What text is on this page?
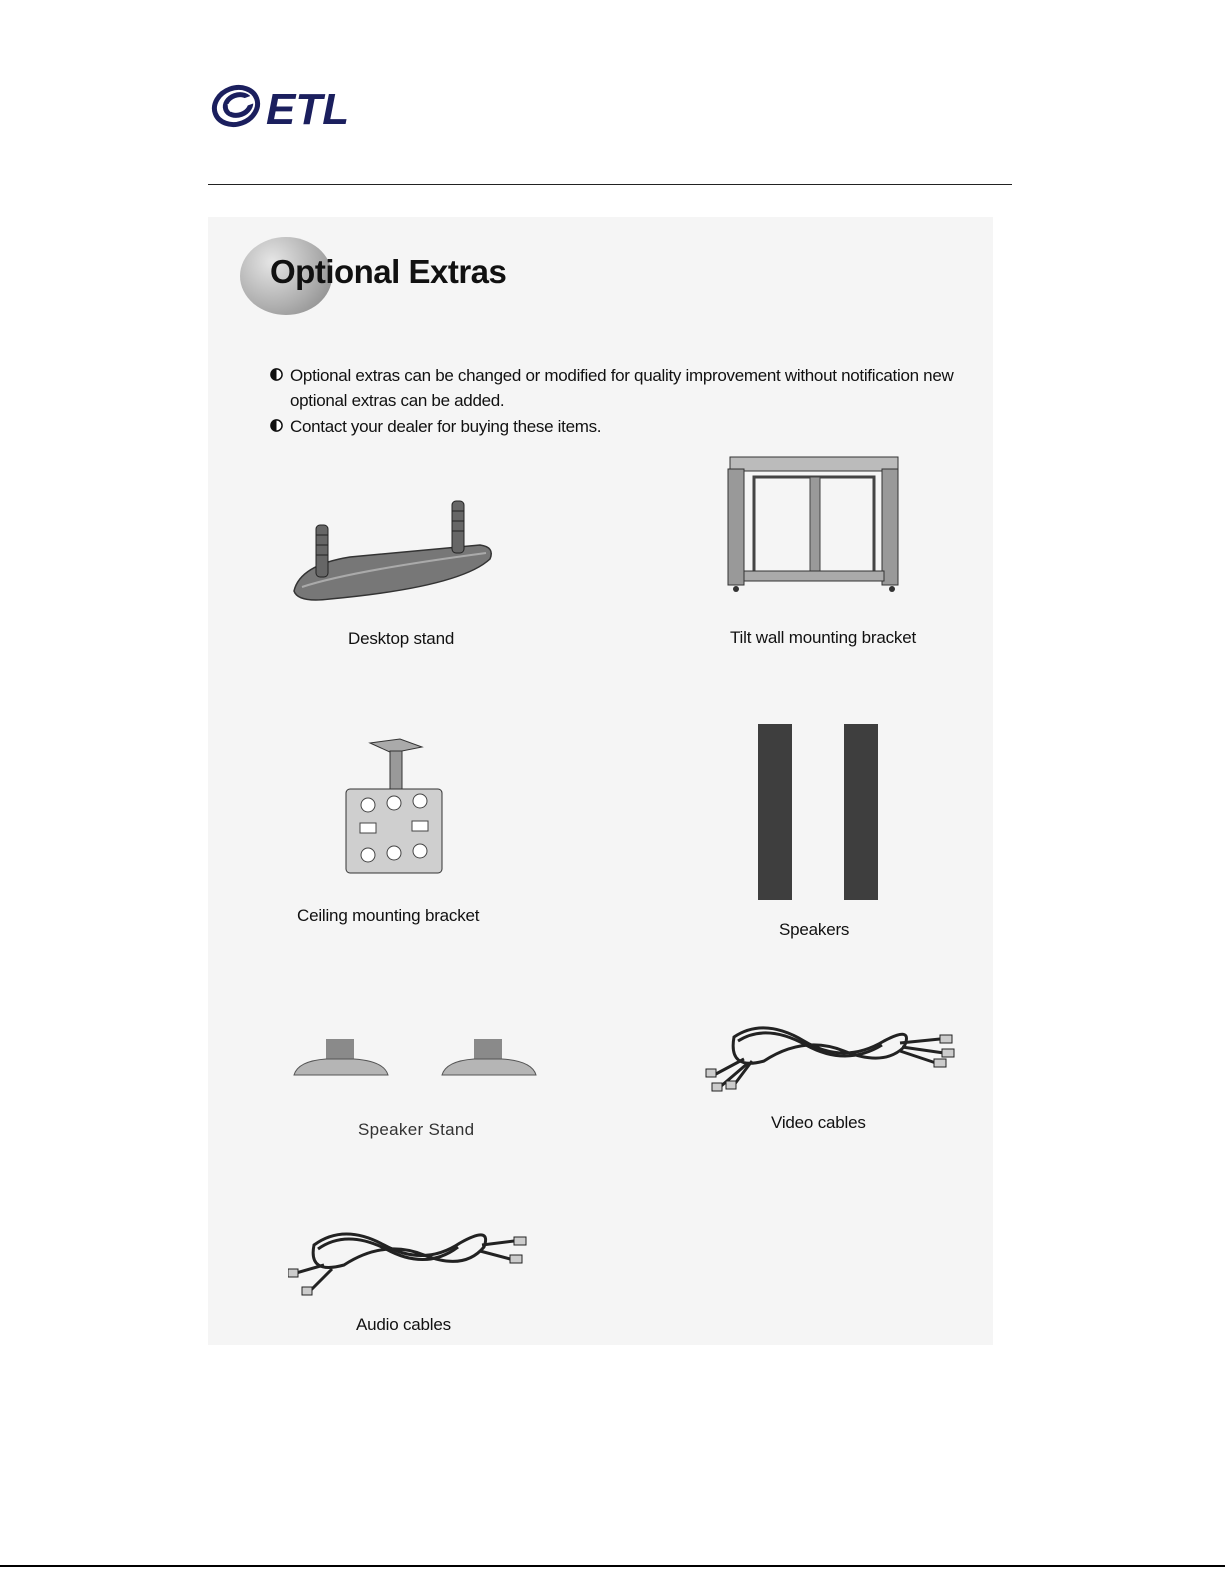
ETL
Optional Extras
Optional extras can be changed or modified for quality improvement without notification new optional extras can be added.
Contact your dealer for buying these items.
Desktop stand	Tilt wall mounting bracket
Ceiling mounting bracket
Speakers
Speaker Stand	Video cables
Audio cables
